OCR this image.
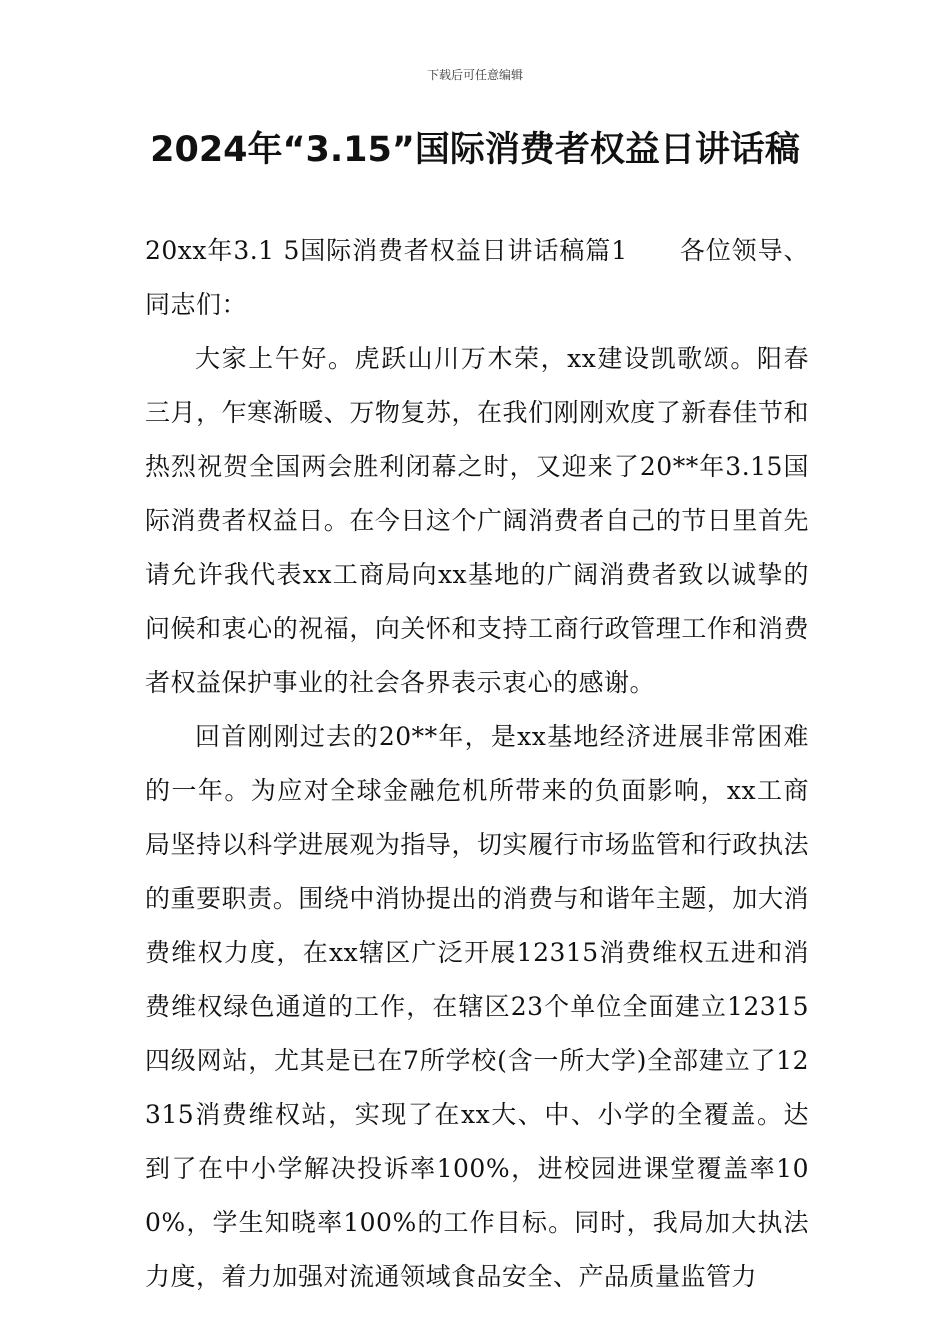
下载后可任意编辑
2024年“3.15”国际消费者权益日讲话稿

20xx年3.1 5国际消费者权益日讲话稿篇1　　各位领导、同志们：

大家上午好。虎跃山川万木荣，xx建设凯歌颂。阳春三月，乍寒渐暖、万物复苏，在我们刚刚欢度了新春佳节和热烈祝贺全国两会胜利闭幕之时，又迎来了20**年3.15国际消费者权益日。在今日这个广阔消费者自己的节日里首先请允许我代表xx工商局向xx基地的广阔消费者致以诚挚的问候和衷心的祝福，向关怀和支持工商行政管理工作和消费者权益保护事业的社会各界表示衷心的感谢。

回首刚刚过去的20**年，是xx基地经济进展非常困难的一年。为应对全球金融危机所带来的负面影响，xx工商局坚持以科学进展观为指导，切实履行市场监管和行政执法的重要职责。围绕中消协提出的消费与和谐年主题，加大消费维权力度，在xx辖区广泛开展12315消费维权五进和消费维权绿色通道的工作，在辖区23个单位全面建立12315四级网站，尤其是已在7所学校(含一所大学)全部建立了12315消费维权站，实现了在xx大、中、小学的全覆盖。达到了在中小学解决投诉率100%，进校园进课堂覆盖率100%，学生知晓率100%的工作目标。同时，我局加大执法力度，着力加强对流通领域食品安全、产品质量监管力
